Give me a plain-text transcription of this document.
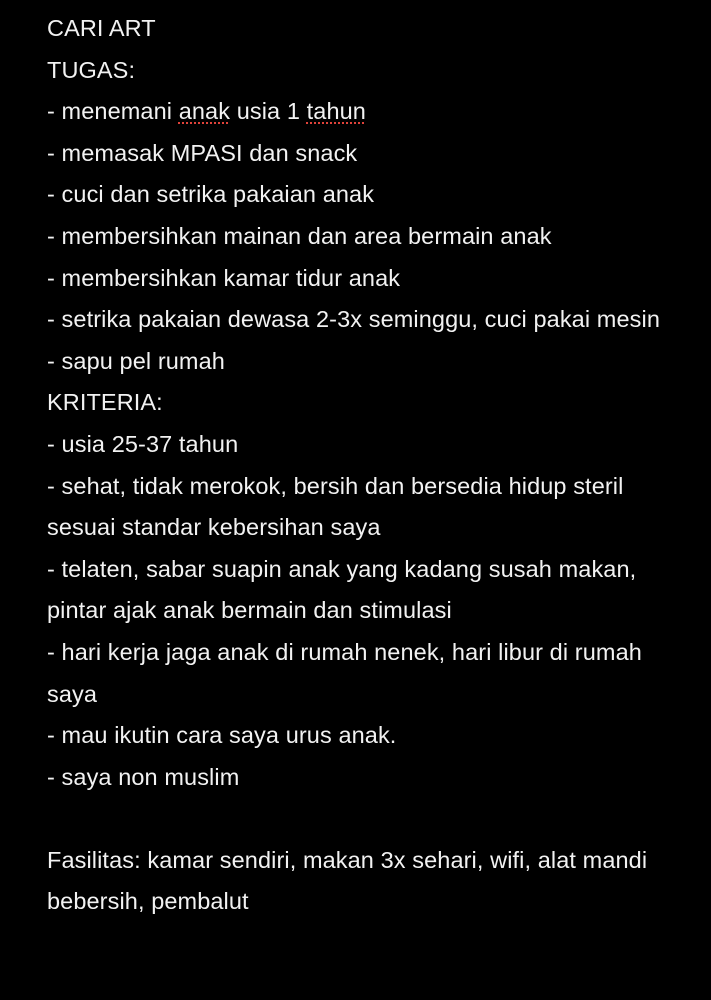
CARI ART
TUGAS:
- menemani anak usia 1 tahun
- memasak MPASI dan snack
- cuci dan setrika pakaian anak
- membersihkan mainan dan area bermain anak
- membersihkan kamar tidur anak
- setrika pakaian dewasa 2-3x seminggu, cuci pakai mesin
- sapu pel rumah
KRITERIA:
- usia 25-37 tahun
- sehat, tidak merokok, bersih dan bersedia hidup steril sesuai standar kebersihan saya
- telaten, sabar suapin anak yang kadang susah makan, pintar ajak anak bermain dan stimulasi
- hari kerja jaga anak di rumah nenek, hari libur di rumah saya
- mau ikutin cara saya urus anak.
- saya non muslim
Fasilitas: kamar sendiri, makan 3x sehari, wifi, alat mandi bebersih, pembalut
